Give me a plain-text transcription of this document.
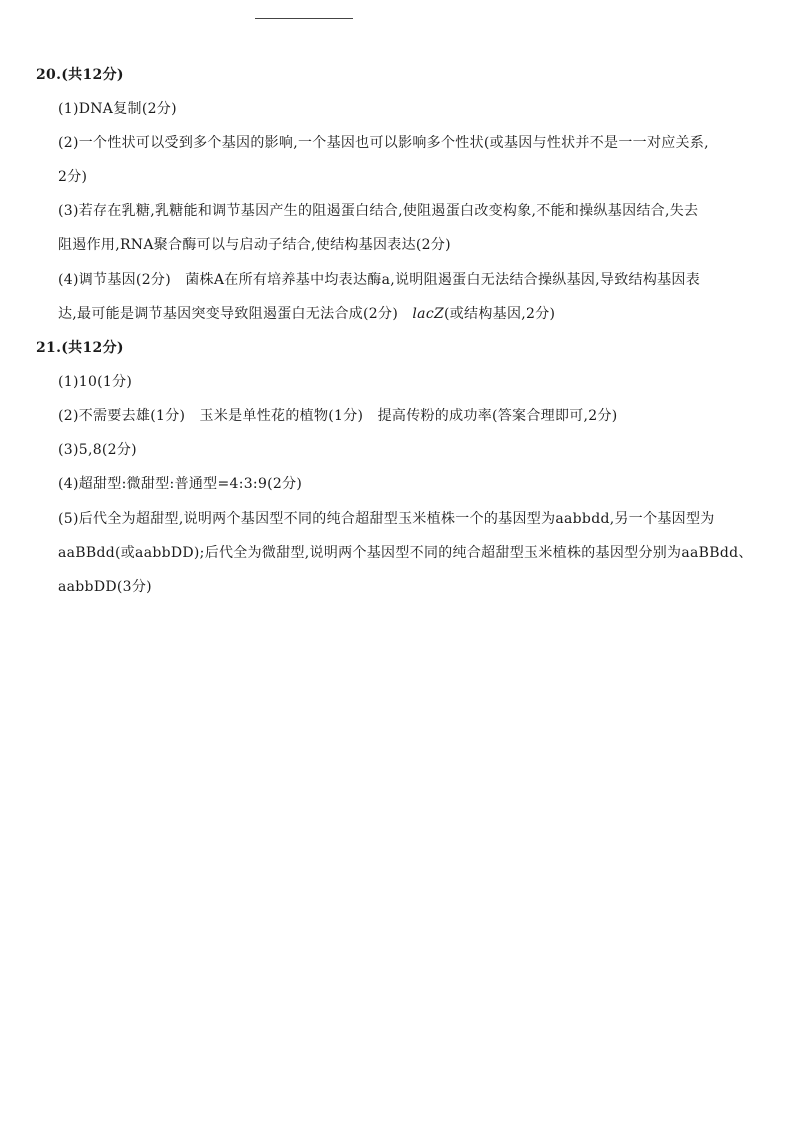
20.(共12分)
(1)DNA复制(2分)
(2)一个性状可以受到多个基因的影响,一个基因也可以影响多个性状(或基因与性状并不是一一对应关系,
2分)
(3)若存在乳糖,乳糖能和调节基因产生的阻遏蛋白结合,使阻遏蛋白改变构象,不能和操纵基因结合,失去
阻遏作用,RNA聚合酶可以与启动子结合,使结构基因表达(2分)
(4)调节基因(2分)　菌株A在所有培养基中均表达酶a,说明阻遏蛋白无法结合操纵基因,导致结构基因表
达,最可能是调节基因突变导致阻遏蛋白无法合成(2分)　lacZ(或结构基因,2分)
21.(共12分)
(1)10(1分)
(2)不需要去雄(1分)　玉米是单性花的植物(1分)　提高传粉的成功率(答案合理即可,2分)
(3)5,8(2分)
(4)超甜型:微甜型:普通型=4:3:9(2分)
(5)后代全为超甜型,说明两个基因型不同的纯合超甜型玉米植株一个的基因型为aabbdd,另一个基因型为
aaBBdd(或aabbDD);后代全为微甜型,说明两个基因型不同的纯合超甜型玉米植株的基因型分别为aaBBdd、
aabbDD(3分)
